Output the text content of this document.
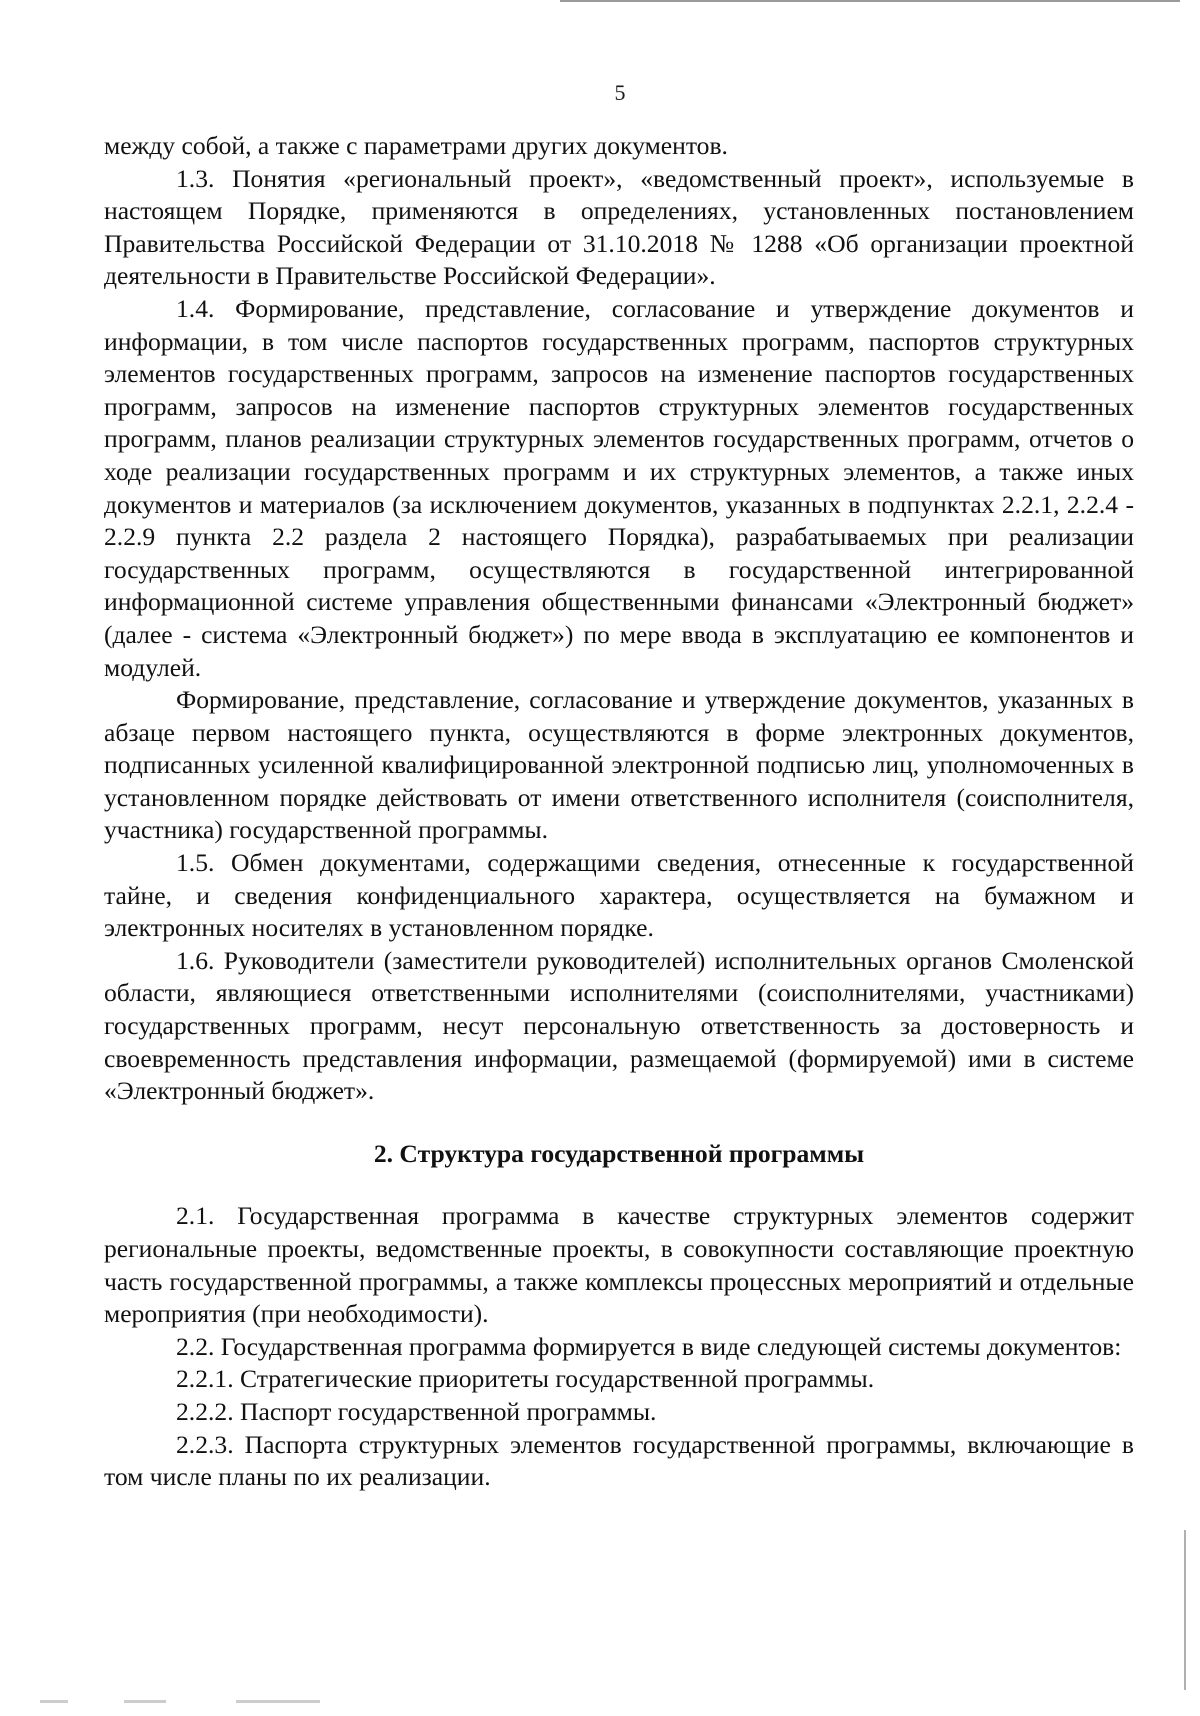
5

между собой, а также с параметрами других документов.

1.3. Понятия «региональный проект», «ведомственный проект», используемые в настоящем Порядке, применяются в определениях, установленных постановлением Правительства Российской Федерации от 31.10.2018 № 1288 «Об организации проектной деятельности в Правительстве Российской Федерации».

1.4. Формирование, представление, согласование и утверждение документов и информации, в том числе паспортов государственных программ, паспортов структурных элементов государственных программ, запросов на изменение паспортов государственных программ, запросов на изменение паспортов структурных элементов государственных программ, планов реализации структурных элементов государственных программ, отчетов о ходе реализации государственных программ и их структурных элементов, а также иных документов и материалов (за исключением документов, указанных в подпунктах 2.2.1, 2.2.4 - 2.2.9 пункта 2.2 раздела 2 настоящего Порядка), разрабатываемых при реализации государственных программ, осуществляются в государственной интегрированной информационной системе управления общественными финансами «Электронный бюджет» (далее - система «Электронный бюджет») по мере ввода в эксплуатацию ее компонентов и модулей.

Формирование, представление, согласование и утверждение документов, указанных в абзаце первом настоящего пункта, осуществляются в форме электронных документов, подписанных усиленной квалифицированной электронной подписью лиц, уполномоченных в установленном порядке действовать от имени ответственного исполнителя (соисполнителя, участника) государственной программы.

1.5. Обмен документами, содержащими сведения, отнесенные к государственной тайне, и сведения конфиденциального характера, осуществляется на бумажном и электронных носителях в установленном порядке.

1.6. Руководители (заместители руководителей) исполнительных органов Смоленской области, являющиеся ответственными исполнителями (соисполнителями, участниками) государственных программ, несут персональную ответственность за достоверность и своевременность представления информации, размещаемой (формируемой) ими в системе «Электронный бюджет».

2. Структура государственной программы

2.1. Государственная программа в качестве структурных элементов содержит региональные проекты, ведомственные проекты, в совокупности составляющие проектную часть государственной программы, а также комплексы процессных мероприятий и отдельные мероприятия (при необходимости).

2.2. Государственная программа формируется в виде следующей системы документов:

2.2.1. Стратегические приоритеты государственной программы.

2.2.2. Паспорт государственной программы.

2.2.3. Паспорта структурных элементов государственной программы, включающие в том числе планы по их реализации.
